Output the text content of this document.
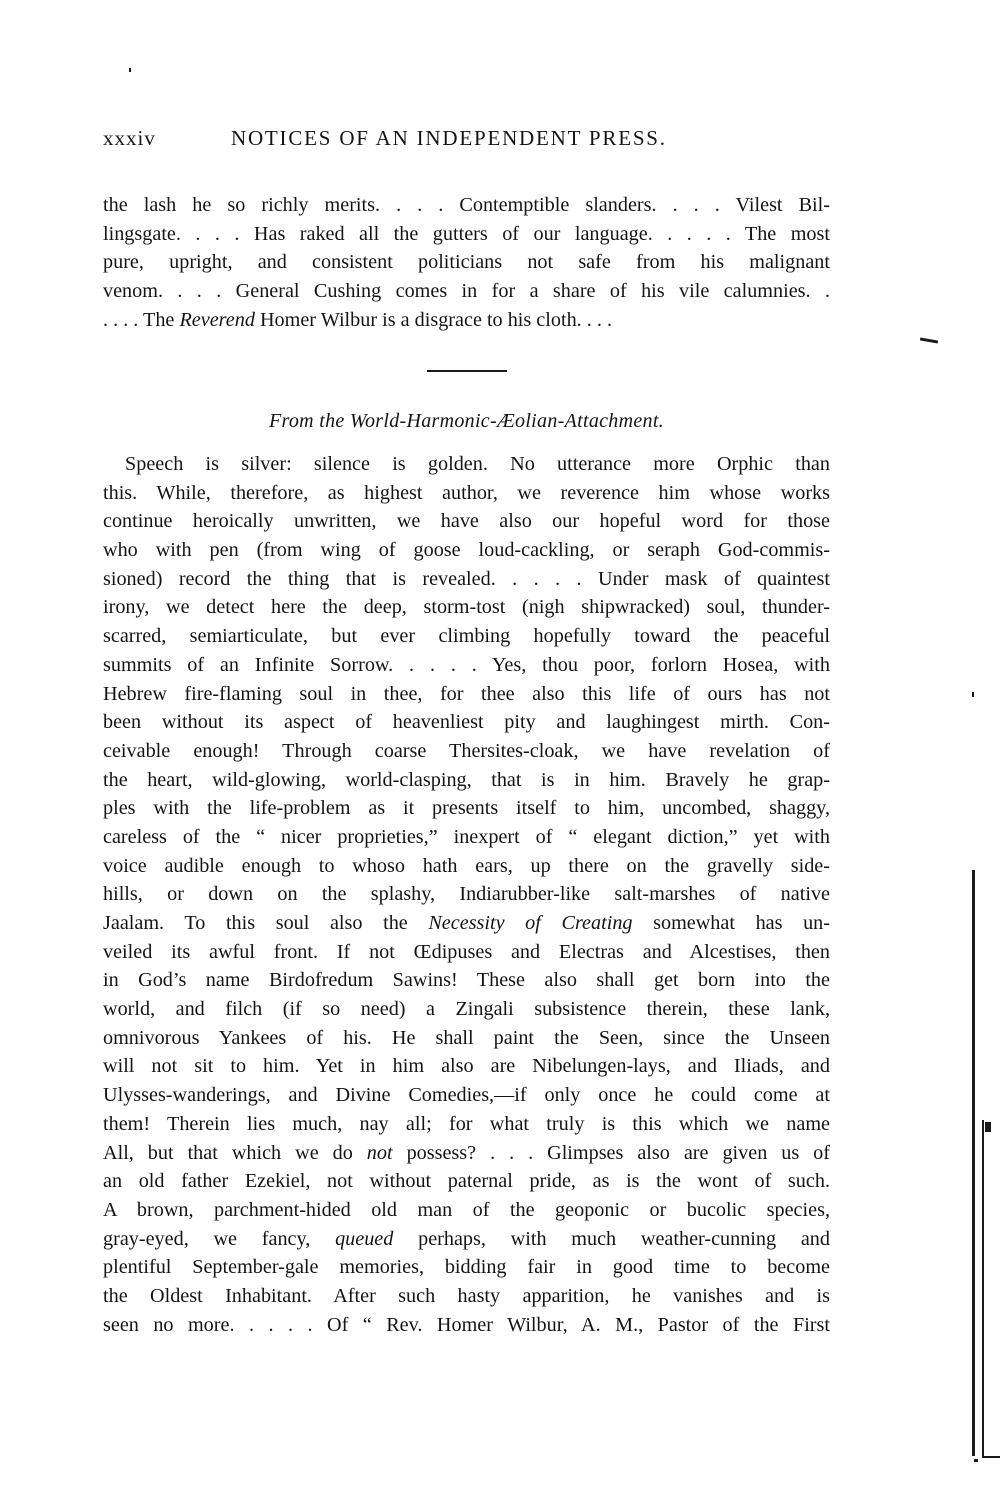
xxxiv	NOTICES OF AN INDEPENDENT PRESS.
the lash he so richly merits. . . . Contemptible slanders. . . . Vilest Bil-
lingsgate. . . . Has raked all the gutters of our language. . . . . The most
pure, upright, and consistent politicians not safe from his malignant
venom. . . . General Cushing comes in for a share of his vile calumnies. .
. . . . The Reverend Homer Wilbur is a disgrace to his cloth. . . .
From the World-Harmonic-Æolian-Attachment.
Speech is silver: silence is golden. No utterance more Orphic than
this. While, therefore, as highest author, we reverence him whose works
continue heroically unwritten, we have also our hopeful word for those
who with pen (from wing of goose loud-cackling, or seraph God-commis-
sioned) record the thing that is revealed. . . . . Under mask of quaintest
irony, we detect here the deep, storm-tost (nigh shipwracked) soul, thunder-
scarred, semiarticulate, but ever climbing hopefully toward the peaceful
summits of an Infinite Sorrow. . . . . Yes, thou poor, forlorn Hosea, with
Hebrew fire-flaming soul in thee, for thee also this life of ours has not
been without its aspect of heavenliest pity and laughingest mirth. Con-
ceivable enough! Through coarse Thersites-cloak, we have revelation of
the heart, wild-glowing, world-clasping, that is in him. Bravely he grap-
ples with the life-problem as it presents itself to him, uncombed, shaggy,
careless of the “ nicer proprieties,” inexpert of “ elegant diction,” yet with
voice audible enough to whoso hath ears, up there on the gravelly side-
hills, or down on the splashy, Indiarubber-like salt-marshes of native
Jaalam. To this soul also the Necessity of Creating somewhat has un-
veiled its awful front. If not Œdipuses and Electras and Alcestises, then
in God’s name Birdofredum Sawins! These also shall get born into the
world, and filch (if so need) a Zingali subsistence therein, these lank,
omnivorous Yankees of his. He shall paint the Seen, since the Unseen
will not sit to him. Yet in him also are Nibelungen-lays, and Iliads, and
Ulysses-wanderings, and Divine Comedies,—if only once he could come at
them! Therein lies much, nay all; for what truly is this which we name
All, but that which we do not possess? . . . Glimpses also are given us of
an old father Ezekiel, not without paternal pride, as is the wont of such.
A brown, parchment-hided old man of the geoponic or bucolic species,
gray-eyed, we fancy, queued perhaps, with much weather-cunning and
plentiful September-gale memories, bidding fair in good time to become
the Oldest Inhabitant. After such hasty apparition, he vanishes and is
seen no more. . . . . Of “ Rev. Homer Wilbur, A. M., Pastor of the First
